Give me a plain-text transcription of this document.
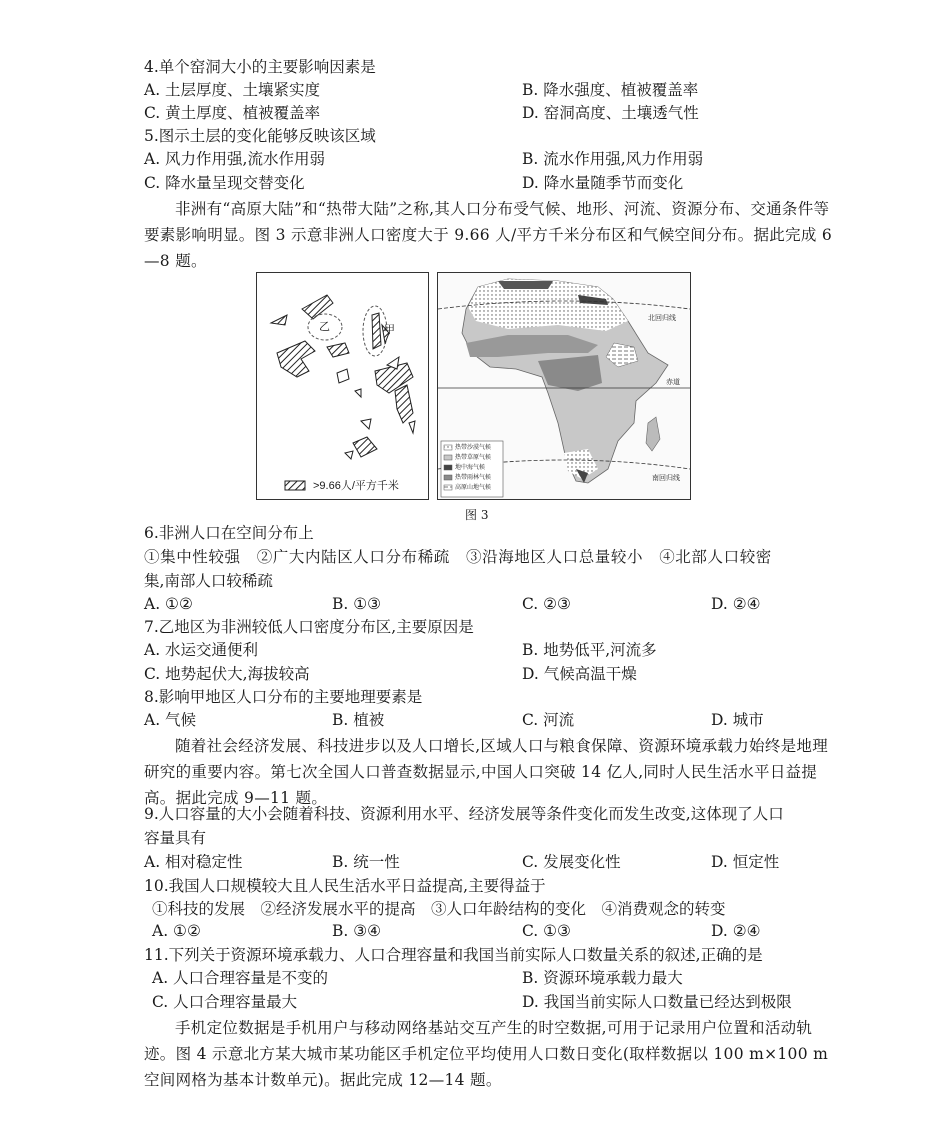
4.单个窑洞大小的主要影响因素是
A. 土层厚度、土壤紧实度	B. 降水强度、植被覆盖率
C. 黄土厚度、植被覆盖率	D. 窑洞高度、土壤透气性
5.图示土层的变化能够反映该区域
A. 风力作用强,流水作用弱	B. 流水作用强,风力作用弱
C. 降水量呈现交替变化	D. 降水量随季节而变化
非洲有“高原大陆”和“热带大陆”之称,其人口分布受气候、地形、河流、资源分布、交通条件等要素影响明显。图 3 示意非洲人口密度大于 9.66 人/平方千米分布区和气候空间分布。据此完成 6—8 题。
乙	甲
>9.66人/平方千米
北回归线
赤道
南回归线
热带沙漠气候
热带草原气候
地中海气候
热带雨林气候
高原山地气候
图 3
6.非洲人口在空间分布上
①集中性较强　②广大内陆区人口分布稀疏　③沿海地区人口总量较小　④北部人口较密
集,南部人口较稀疏
A. ①②	B. ①③	C. ②③	D. ②④
7.乙地区为非洲较低人口密度分布区,主要原因是
A. 水运交通便利	B. 地势低平,河流多
C. 地势起伏大,海拔较高	D. 气候高温干燥
8.影响甲地区人口分布的主要地理要素是
A. 气候	B. 植被	C. 河流	D. 城市
随着社会经济发展、科技进步以及人口增长,区域人口与粮食保障、资源环境承载力始终是地理研究的重要内容。第七次全国人口普查数据显示,中国人口突破 14 亿人,同时人民生活水平日益提高。据此完成 9—11 题。
9.人口容量的大小会随着科技、资源利用水平、经济发展等条件变化而发生改变,这体现了人口
容量具有
A. 相对稳定性	B. 统一性	C. 发展变化性	D. 恒定性
10.我国人口规模较大且人民生活水平日益提高,主要得益于
①科技的发展　②经济发展水平的提高　③人口年龄结构的变化　④消费观念的转变
A. ①②	B. ③④	C. ①③	D. ②④
11.下列关于资源环境承载力、人口合理容量和我国当前实际人口数量关系的叙述,正确的是
A. 人口合理容量是不变的	B. 资源环境承载力最大
C. 人口合理容量最大	D. 我国当前实际人口数量已经达到极限
手机定位数据是手机用户与移动网络基站交互产生的时空数据,可用于记录用户位置和活动轨迹。图 4 示意北方某大城市某功能区手机定位平均使用人口数日变化(取样数据以 100 m×100 m 空间网格为基本计数单元)。据此完成 12—14 题。
